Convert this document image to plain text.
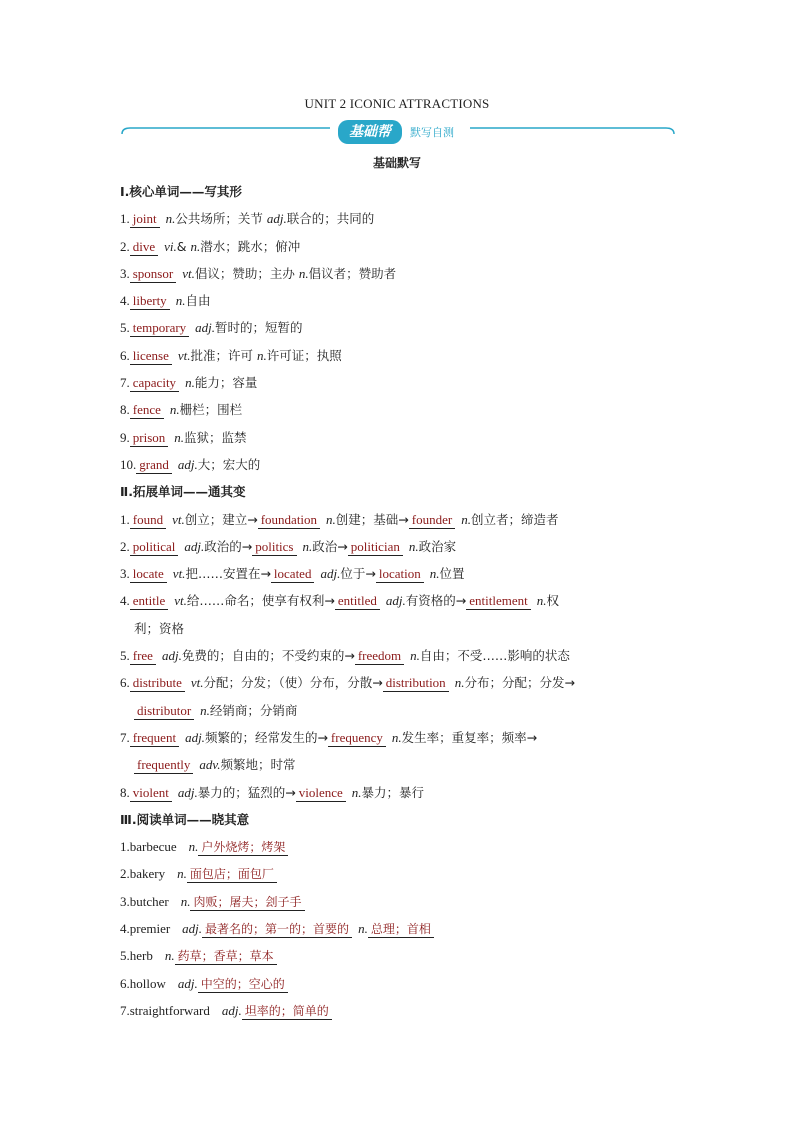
UNIT 2 ICONIC ATTRACTIONS
基础帮	默写自测
基础默写
Ⅰ.核心单词——写其形
1. joint n.公共场所；关节 adj.联合的；共同的
2. dive vi.& n.潜水；跳水；俯冲
3. sponsor vt.倡议；赞助；主办 n.倡议者；赞助者
4. liberty n.自由
5. temporary adj.暂时的；短暂的
6. license vt.批准；许可 n.许可证；执照
7. capacity n.能力；容量
8. fence n.栅栏；围栏
9. prison n.监狱；监禁
10. grand adj.大；宏大的
Ⅱ.拓展单词——通其变
1. found vt.创立；建立→ foundation n.创建；基础→ founder n.创立者；缔造者
2. political adj.政治的→ politics n.政治→ politician n.政治家
3. locate vt.把……安置在→ located adj.位于→ location n.位置
4. entitle vt.给……命名；使享有权利→ entitled adj.有资格的→ entitlement n.权
利；资格
5. free adj.免费的；自由的；不受约束的→ freedom n.自由；不受……影响的状态
6. distribute vt.分配；分发；（使）分布，分散→ distribution n.分布；分配；分发→
distributor n.经销商；分销商
7. frequent adj.频繁的；经常发生的→ frequency n.发生率；重复率；频率→
frequently adv.频繁地；时常
8. violent adj.暴力的；猛烈的→ violence n.暴力；暴行
Ⅲ.阅读单词——晓其意
1.barbecue n. 户外烧烤；烤架
2.bakery n. 面包店；面包厂
3.butcher n. 肉贩；屠夫；刽子手
4.premier adj. 最著名的；第一的；首要的 n. 总理；首相
5.herb n. 药草；香草；草本
6.hollow adj. 中空的；空心的
7.straightforward adj. 坦率的；简单的
